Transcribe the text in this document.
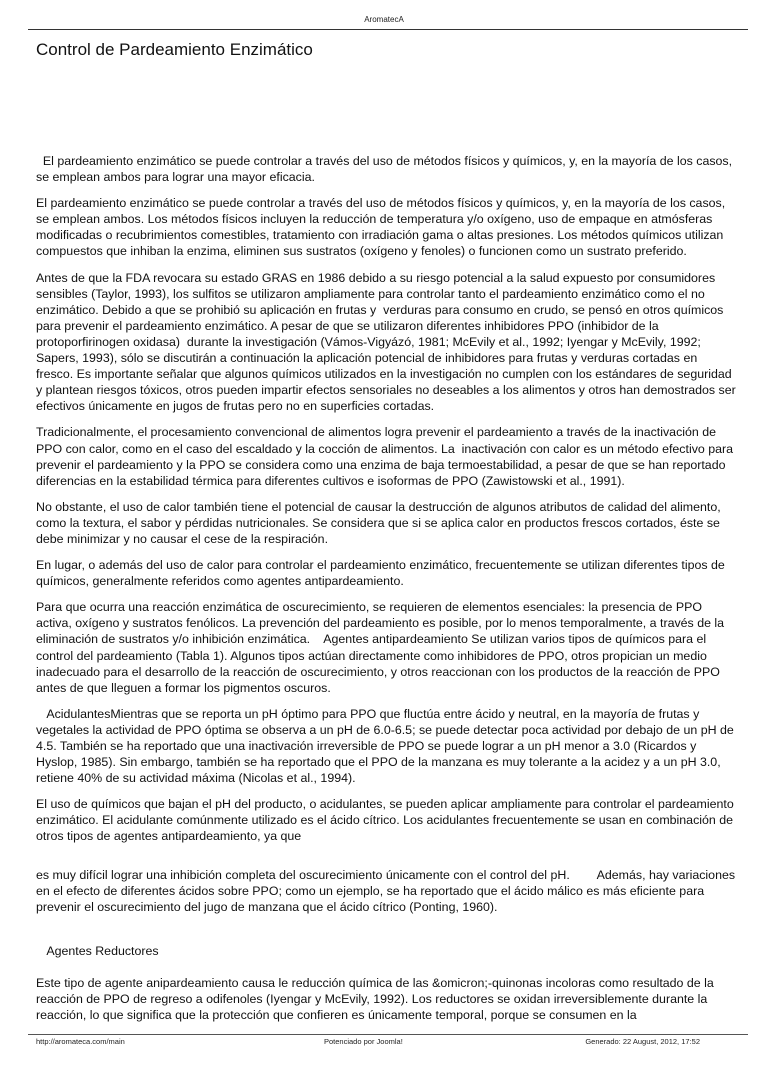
AromatecA
Control de Pardeamiento Enzimático

El pardeamiento enzimático se puede controlar a través del uso de métodos físicos y químicos, y, en la mayoría de los casos, se emplean ambos para lograr una mayor eficacia.

El pardeamiento enzimático se puede controlar a través del uso de métodos físicos y químicos, y, en la mayoría de los casos, se emplean ambos. Los métodos físicos incluyen la reducción de temperatura y/o oxígeno, uso de empaque en atmósferas modificadas o recubrimientos comestibles, tratamiento con irradiación gama o altas presiones. Los métodos químicos utilizan compuestos que inhiban la enzima, eliminen sus sustratos (oxígeno y fenoles) o funcionen como un sustrato preferido.

Antes de que la FDA revocara su estado GRAS en 1986 debido a su riesgo potencial a la salud expuesto por consumidores sensibles (Taylor, 1993), los sulfitos se utilizaron ampliamente para controlar tanto el pardeamiento enzimático como el no enzimático. Debido a que se prohibió su aplicación en frutas y  verduras para consumo en crudo, se pensó en otros químicos para prevenir el pardeamiento enzimático. A pesar de que se utilizaron diferentes inhibidores PPO (inhibidor de la protoporfirinogen oxidasa)  durante la investigación (Vámos-Vigyázó, 1981; McEvily et al., 1992; Iyengar y McEvily, 1992; Sapers, 1993), sólo se discutirán a continuación la aplicación potencial de inhibidores para frutas y verduras cortadas en fresco. Es importante señalar que algunos químicos utilizados en la investigación no cumplen con los estándares de seguridad y plantean riesgos tóxicos, otros pueden impartir efectos sensoriales no deseables a los alimentos y otros han demostrados ser efectivos únicamente en jugos de frutas pero no en superficies cortadas.

Tradicionalmente, el procesamiento convencional de alimentos logra prevenir el pardeamiento a través de la inactivación de PPO con calor, como en el caso del escaldado y la cocción de alimentos. La  inactivación con calor es un método efectivo para prevenir el pardeamiento y la PPO se considera como una enzima de baja termoestabilidad, a pesar de que se han reportado diferencias en la estabilidad térmica para diferentes cultivos e isoformas de PPO (Zawistowski et al., 1991).

No obstante, el uso de calor también tiene el potencial de causar la destrucción de algunos atributos de calidad del alimento, como la textura, el sabor y pérdidas nutricionales. Se considera que si se aplica calor en productos frescos cortados, éste se debe minimizar y no causar el cese de la respiración.

En lugar, o además del uso de calor para controlar el pardeamiento enzimático, frecuentemente se utilizan diferentes tipos de químicos, generalmente referidos como agentes antipardeamiento.

Para que ocurra una reacción enzimática de oscurecimiento, se requieren de elementos esenciales: la presencia de PPO activa, oxígeno y sustratos fenólicos. La prevención del pardeamiento es posible, por lo menos temporalmente, a través de la eliminación de sustratos y/o inhibición enzimática.    Agentes antipardeamiento Se utilizan varios tipos de químicos para el control del pardeamiento (Tabla 1). Algunos tipos actúan directamente como inhibidores de PPO, otros propician un medio inadecuado para el desarrollo de la reacción de oscurecimiento, y otros reaccionan con los productos de la reacción de PPO antes de que lleguen a formar los pigmentos oscuros.

AcidulantesMientras que se reporta un pH óptimo para PPO que fluctúa entre ácido y neutral, en la mayoría de frutas y vegetales la actividad de PPO óptima se observa a un pH de 6.0-6.5; se puede detectar poca actividad por debajo de un pH de 4.5. También se ha reportado que una inactivación irreversible de PPO se puede lograr a un pH menor a 3.0 (Ricardos y Hyslop, 1985). Sin embargo, también se ha reportado que el PPO de la manzana es muy tolerante a la acidez y a un pH 3.0, retiene 40% de su actividad máxima (Nicolas et al., 1994).

El uso de químicos que bajan el pH del producto, o acidulantes, se pueden aplicar ampliamente para controlar el pardeamiento enzimático. El acidulante comúnmente utilizado es el ácido cítrico. Los acidulantes frecuentemente se usan en combinación de otros tipos de agentes antipardeamiento, ya que

es muy difícil lograr una inhibición completa del oscurecimiento únicamente con el control del pH.        Además, hay variaciones en el efecto de diferentes ácidos sobre PPO; como un ejemplo, se ha reportado que el ácido málico es más eficiente para prevenir el oscurecimiento del jugo de manzana que el ácido cítrico (Ponting, 1960).

Agentes Reductores

Este tipo de agente anipardeamiento causa le reducción química de las &omicron;-quinonas incoloras como resultado de la reacción de PPO de regreso a odifenoles (Iyengar y McEvily, 1992). Los reductores se oxidan irreversiblemente durante la reacción, lo que significa que la protección que confieren es únicamente temporal, porque se consumen en la

http://aromateca.com/main	Potenciado por Joomla!	Generado: 22 August, 2012, 17:52
